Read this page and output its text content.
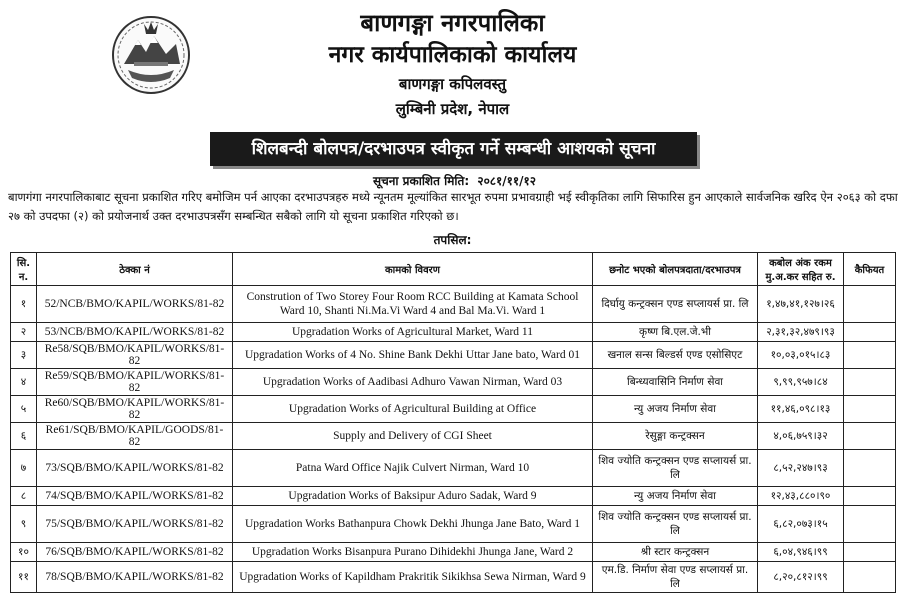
बाणगङ्गा नगरपालिका
नगर कार्यपालिकाको कार्यालय
बाणगङ्गा कपिलवस्तु
लुम्बिनी प्रदेश, नेपाल
शिलबन्दी बोलपत्र/दरभाउपत्र स्वीकृत गर्ने सम्बन्धी आशयको सूचना
सूचना प्रकाशित मिति: २०८१/११/१२
बाणगंगा नगरपालिकाबाट सूचना प्रकाशित गरिए बमोजिम पर्न आएका दरभाउपत्रहरु मध्ये न्यूनतम मूल्यांकित सारभूत रुपमा प्रभावग्राही भई स्वीकृतिका लागि सिफारिस हुन आएकाले सार्वजनिक खरिद ऐन २०६३ को दफा २७ को उपदफा (२) को प्रयोजनार्थ उक्त दरभाउपत्रसँग सम्बन्धित सबैको लागि यो सूचना प्रकाशित गरिएको छ।
तपसिल:
सि. न.	ठेक्का नं	कामको विवरण	छनोट भएको बोलपत्रदाता/दरभाउपत्र	कबोल अंक रकम मु.अ.कर सहित रु.	कैफियत
१	52/NCB/BMO/KAPIL/WORKS/81-82	Constrution of Two Storey Four Room RCC Building at Kamata School Ward 10, Shanti Ni.Ma.Vi Ward 4 and Bal Ma.Vi. Ward 1	दिर्घायु कन्ट्रक्सन एण्ड सप्लायर्स प्रा. लि	१,४७,४१,१२७।२६	
२	53/NCB/BMO/KAPIL/WORKS/81-82	Upgradation Works of Agricultural Market, Ward 11	कृष्ण बि.एल.जे.भी	२,३१,३२,४७९।९३	
३	Re58/SQB/BMO/KAPIL/WORKS/81-82	Upgradation Works of 4 No. Shine Bank Dekhi Uttar Jane bato, Ward 01	खनाल सन्स बिल्डर्स एण्ड एसोसिएट	१०,०३,०१५।८३	
४	Re59/SQB/BMO/KAPIL/WORKS/81-82	Upgradation Works of Aadibasi Adhuro Vawan Nirman, Ward 03	बिन्ध्यवासिनि निर्माण सेवा	९,९९,९५७।८४	
५	Re60/SQB/BMO/KAPIL/WORKS/81-82	Upgradation Works of Agricultural Building at Office	न्यु अजय निर्माण सेवा	११,४६,०९८।१३	
६	Re61/SQB/BMO/KAPIL/GOODS/81-82	Supply and Delivery of CGI Sheet	रेसुङ्गा कन्ट्रक्सन	४,०६,७५९।३२	
७	73/SQB/BMO/KAPIL/WORKS/81-82	Patna Ward Office Najik Culvert Nirman, Ward 10	शिव ज्योति कन्ट्रक्सन एण्ड सप्लायर्स प्रा. लि	८,५२,२४७।९३	
८	74/SQB/BMO/KAPIL/WORKS/81-82	Upgradation Works of Baksipur Aduro Sadak, Ward 9	न्यु अजय निर्माण सेवा	१२,४३,८८०।९०	
९	75/SQB/BMO/KAPIL/WORKS/81-82	Upgradation Works Bathanpura Chowk Dekhi Jhunga Jane Bato, Ward 1	शिव ज्योति कन्ट्रक्सन एण्ड सप्लायर्स प्रा. लि	६,८२,०७३।१५	
१०	76/SQB/BMO/KAPIL/WORKS/81-82	Upgradation Works Bisanpura Purano Dihidekhi Jhunga Jane, Ward 2	श्री स्टार कन्ट्रक्सन	६,०४,९४६।९९	
११	78/SQB/BMO/KAPIL/WORKS/81-82	Upgradation Works of Kapildham Prakritik Sikikhsa Sewa Nirman, Ward 9	एम.डि. निर्माण सेवा एण्ड सप्लायर्स प्रा. लि	८,२०,८१२।९९	
